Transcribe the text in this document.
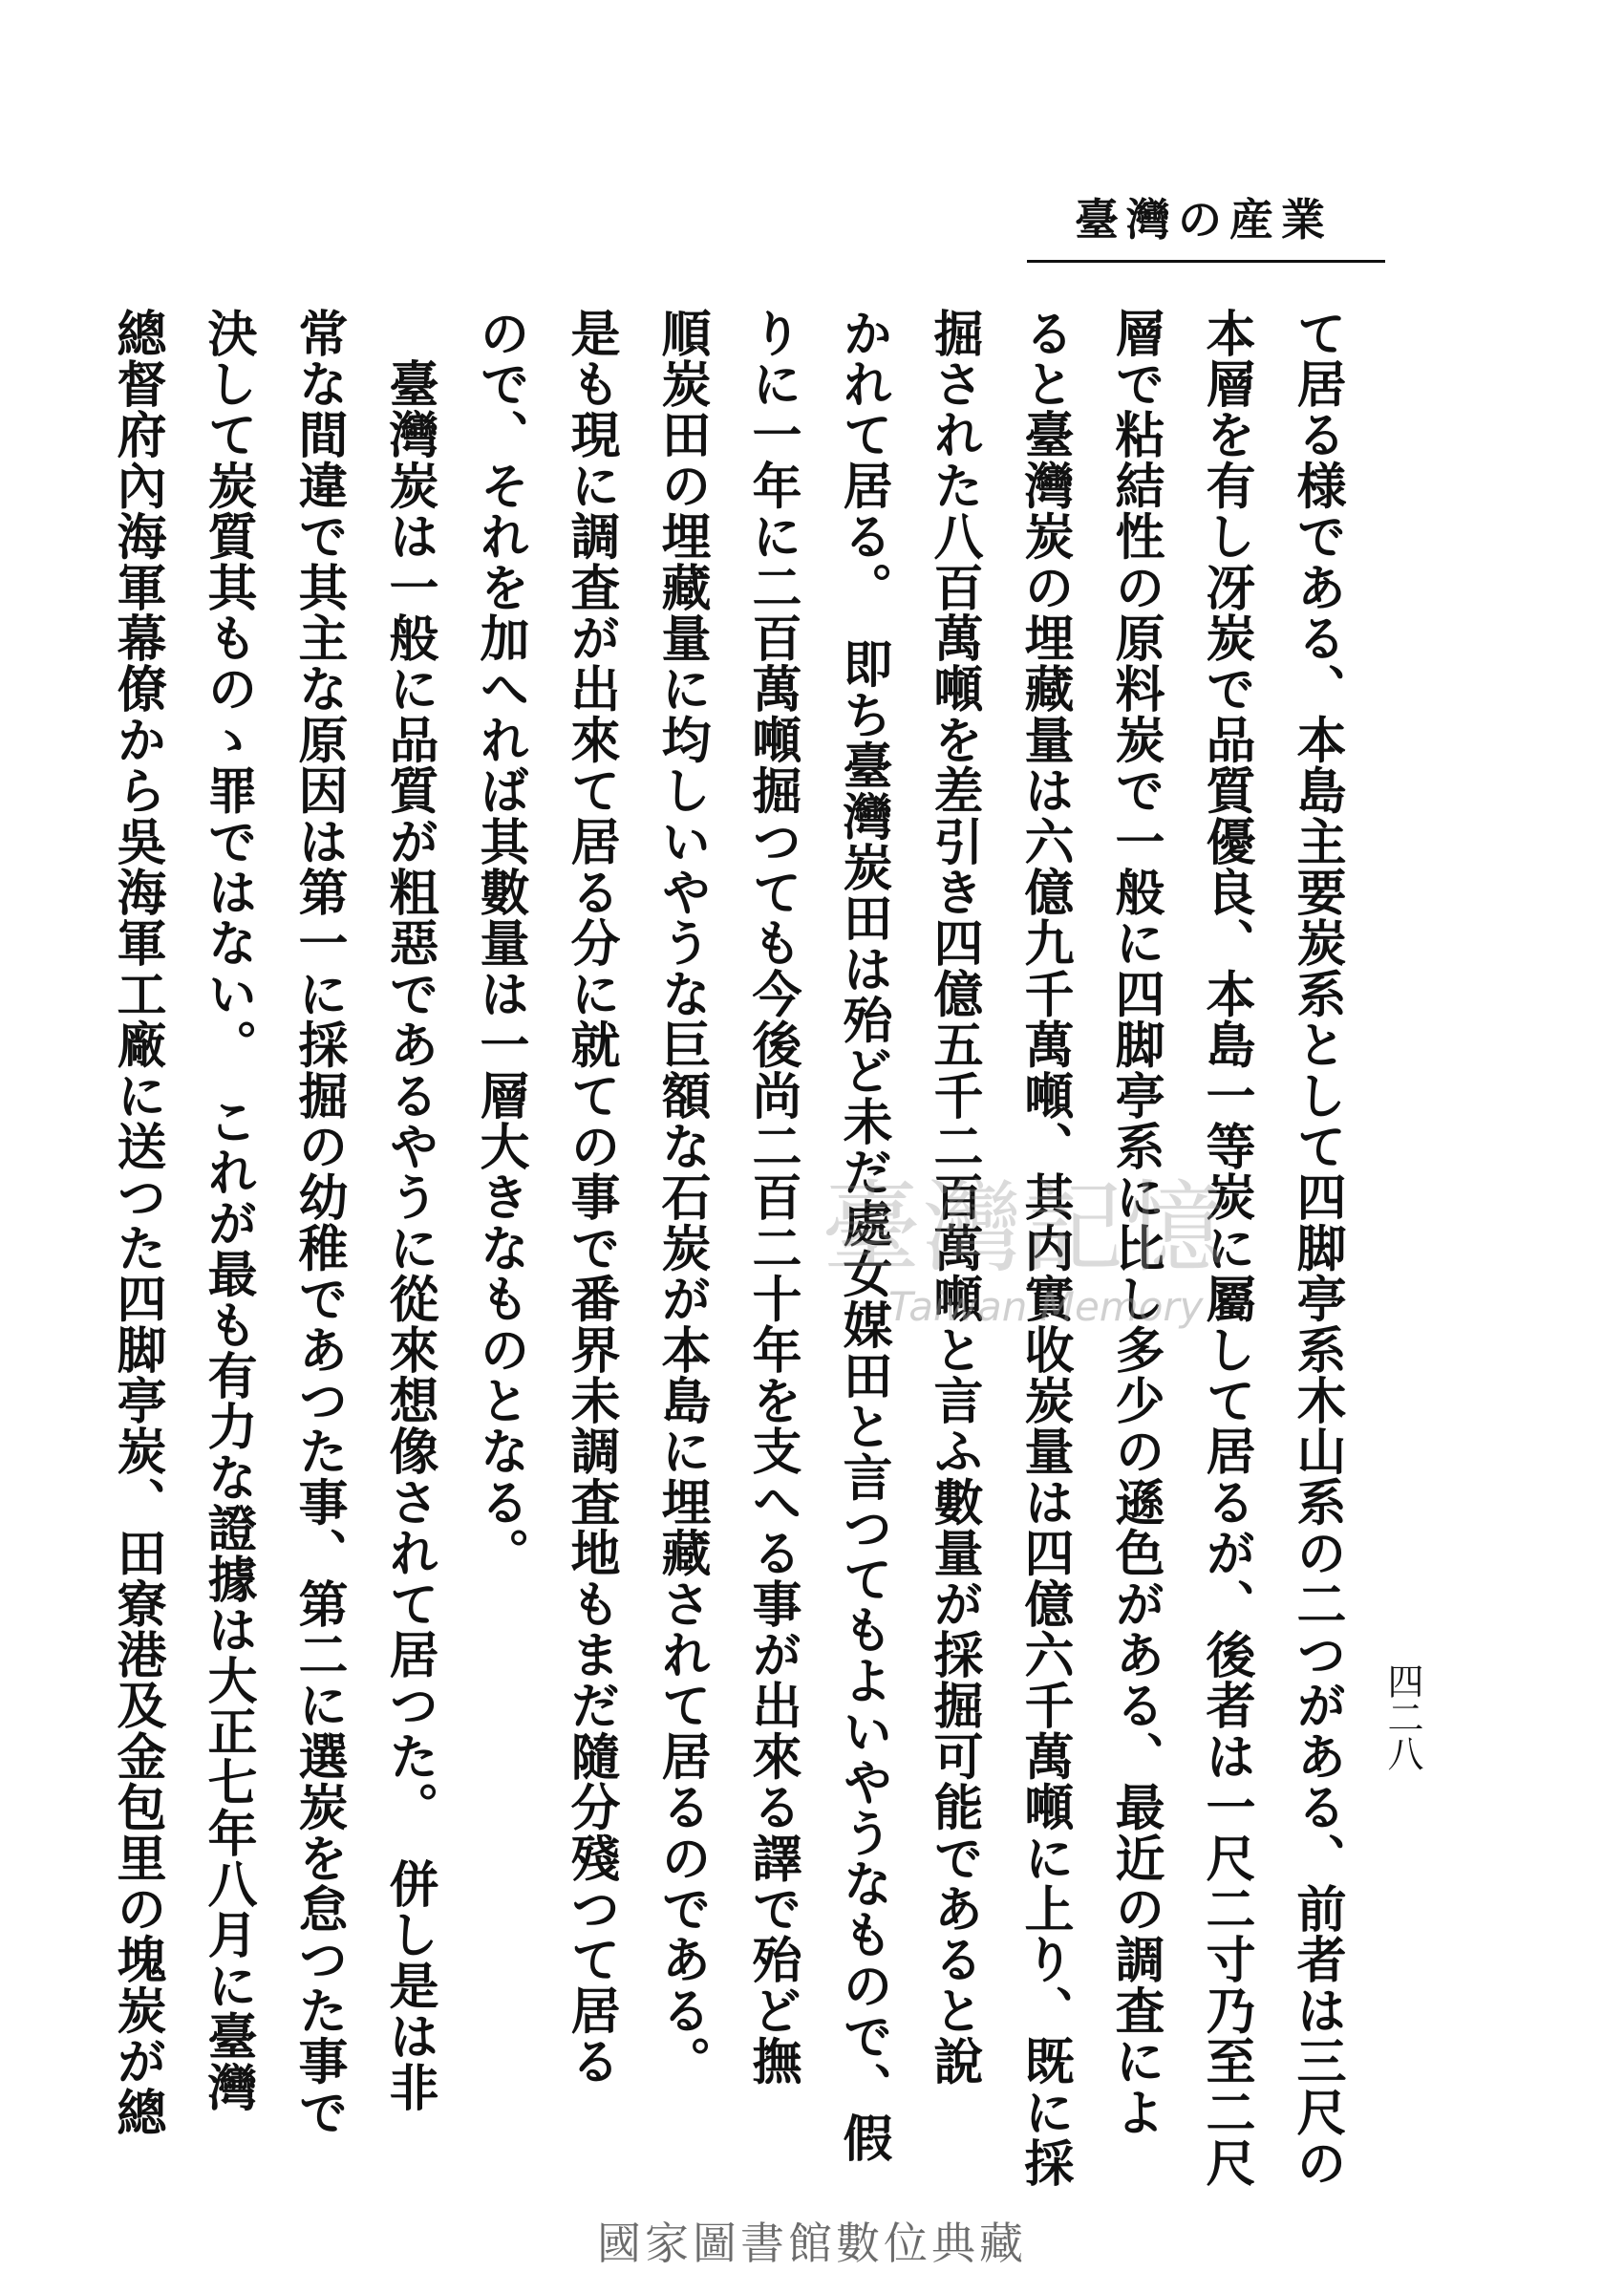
臺灣の産業
四二八
て居る様である、本島主要炭系として四脚亭系木山系の二つがある、前者は三尺の
本層を有し冴炭で品質優良、本島一等炭に屬して居るが、後者は一尺二寸乃至二尺
層で粘結性の原料炭で一般に四脚亭系に比し多少の遜色がある、最近の調査によ
ると臺灣炭の埋藏量は六億九千萬噸、其内實收炭量は四億六千萬噸に上り、既に採
掘された八百萬噸を差引き四億五千二百萬噸と言ふ數量が採掘可能であると說
かれて居る。　即ち臺灣炭田は殆ど未だ處女媒田と言つてもよいやうなもので、假
りに一年に二百萬噸掘つても今後尚二百二十年を支へる事が出來る譯で殆ど撫
順炭田の埋藏量に均しいやうな巨額な石炭が本島に埋藏されて居るのである。
是も現に調査が出來て居る分に就ての事で番界未調査地もまだ隨分殘つて居る
ので、それを加へれば其數量は一層大きなものとなる。
　臺灣炭は一般に品質が粗惡であるやうに從來想像されて居つた。　併し是は非
常な間違で其主な原因は第一に採掘の幼稚であつた事、第二に選炭を怠つた事で
決して炭質其ものゝ罪ではない。　これが最も有力な證據は大正七年八月に臺灣
總督府內海軍幕僚から吳海軍工廠に送つた四脚亭炭、田寮港及金包里の塊炭が總	臺灣記憶
Taiwan Memory
國家圖書館數位典藏
